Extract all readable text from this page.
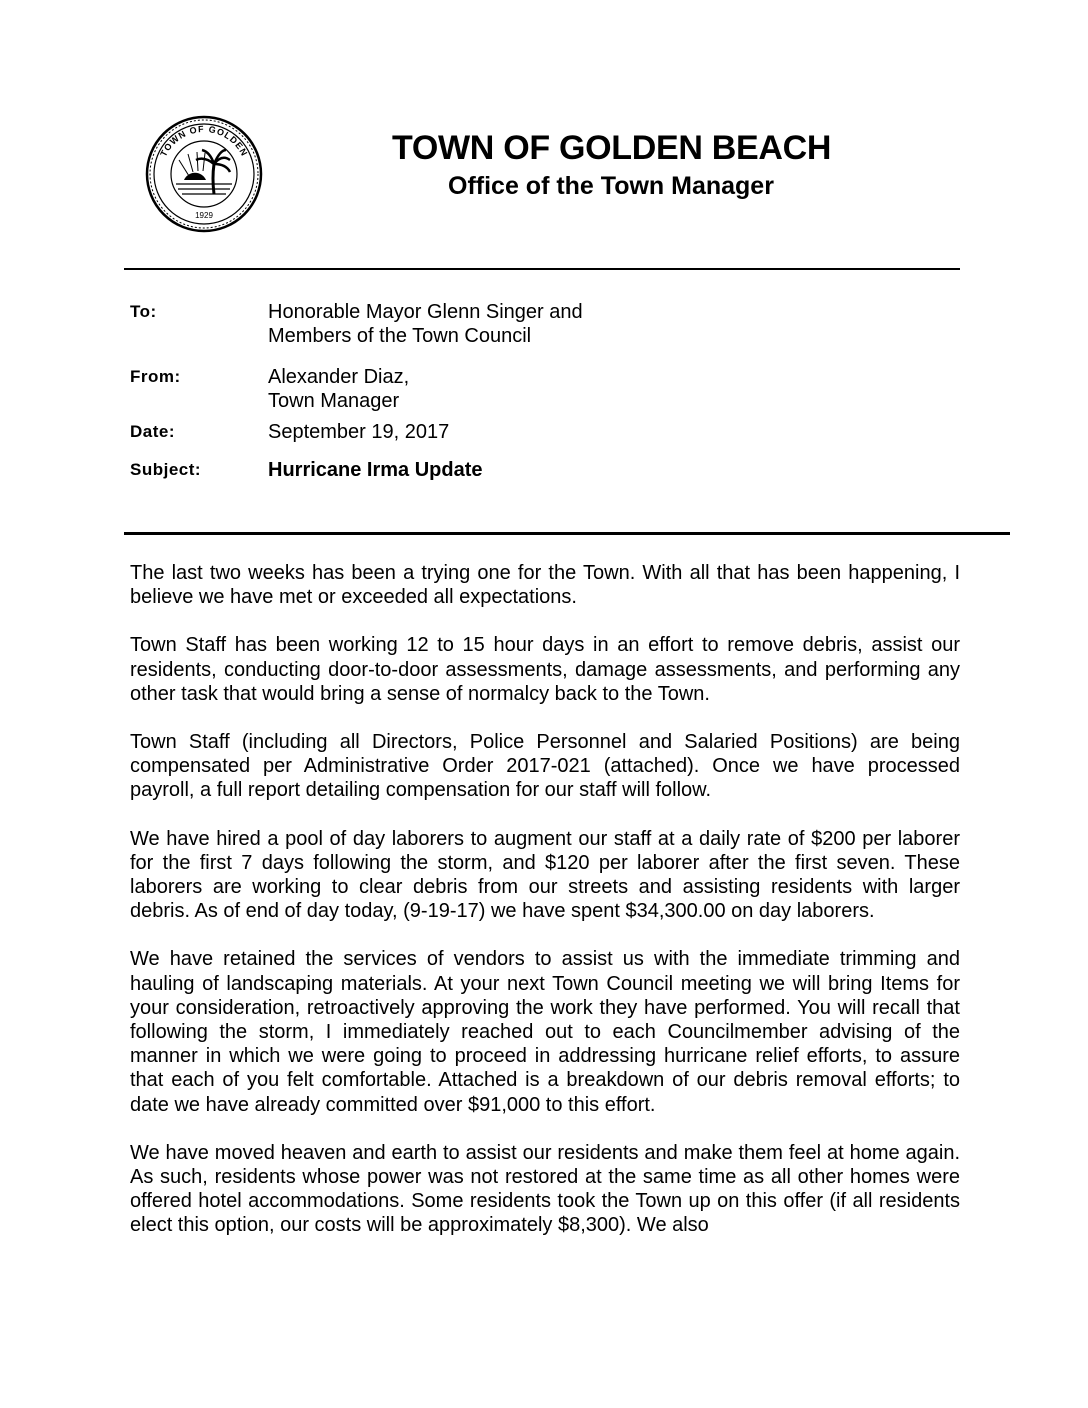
TOWN OF GOLDEN
1929
TOWN OF GOLDEN BEACH
Office of the Town Manager
To:	Honorable Mayor Glenn Singer and
Members of the Town Council
From:	Alexander Diaz,
Town Manager
Date:	September 19, 2017
Subject:	Hurricane Irma Update

The last two weeks has been a trying one for the Town. With all that has been happening, I believe we have met or exceeded all expectations.

Town Staff has been working 12 to 15 hour days in an effort to remove debris, assist our residents, conducting door-to-door assessments, damage assessments, and performing any other task that would bring a sense of normalcy back to the Town.

Town Staff (including all Directors, Police Personnel and Salaried Positions) are being compensated per Administrative Order 2017-021 (attached). Once we have processed payroll, a full report detailing compensation for our staff will follow.

We have hired a pool of day laborers to augment our staff at a daily rate of $200 per laborer for the first 7 days following the storm, and $120 per laborer after the first seven. These laborers are working to clear debris from our streets and assisting residents with larger debris. As of end of day today, (9-19-17) we have spent $34,300.00 on day laborers.

We have retained the services of vendors to assist us with the immediate trimming and hauling of landscaping materials. At your next Town Council meeting we will bring Items for your consideration, retroactively approving the work they have performed. You will recall that following the storm, I immediately reached out to each Councilmember advising of the manner in which we were going to proceed in addressing hurricane relief efforts, to assure that each of you felt comfortable. Attached is a breakdown of our debris removal efforts; to date we have already committed over $91,000 to this effort.

We have moved heaven and earth to assist our residents and make them feel at home again. As such, residents whose power was not restored at the same time as all other homes were offered hotel accommodations. Some residents took the Town up on this offer (if all residents elect this option, our costs will be approximately $8,300). We also
